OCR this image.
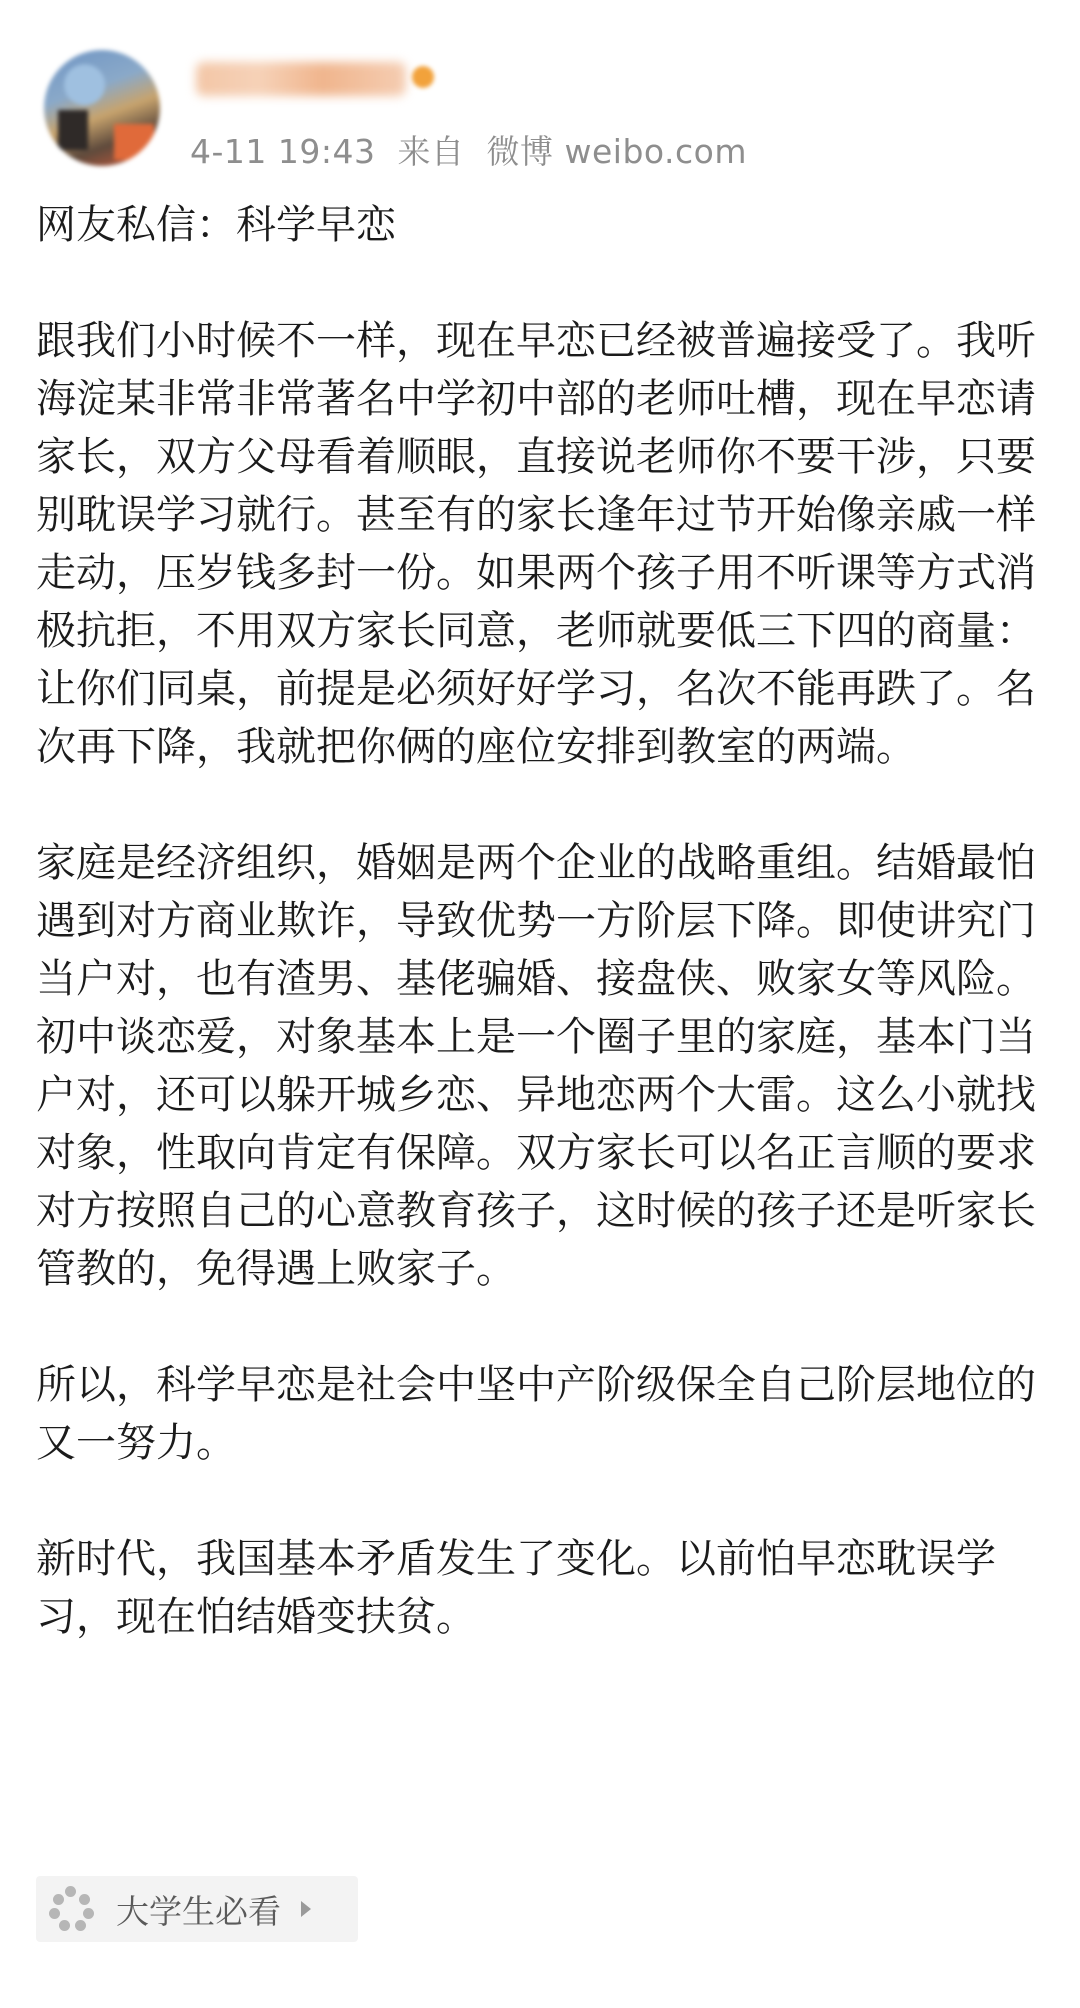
4-11 19:43 来自 微博 weibo.com

网友私信：科学早恋

跟我们小时候不一样，现在早恋已经被普遍接受了。我听海淀某非常非常著名中学初中部的老师吐槽，现在早恋请家长，双方父母看着顺眼，直接说老师你不要干涉，只要别耽误学习就行。甚至有的家长逢年过节开始像亲戚一样走动，压岁钱多封一份。如果两个孩子用不听课等方式消极抗拒，不用双方家长同意，老师就要低三下四的商量：让你们同桌，前提是必须好好学习，名次不能再跌了。名次再下降，我就把你俩的座位安排到教室的两端。

家庭是经济组织，婚姻是两个企业的战略重组。结婚最怕遇到对方商业欺诈，导致优势一方阶层下降。即使讲究门当户对，也有渣男、基佬骗婚、接盘侠、败家女等风险。初中谈恋爱，对象基本上是一个圈子里的家庭，基本门当户对，还可以躲开城乡恋、异地恋两个大雷。这么小就找对象，性取向肯定有保障。双方家长可以名正言顺的要求对方按照自己的心意教育孩子，这时候的孩子还是听家长管教的，免得遇上败家子。

所以，科学早恋是社会中坚中产阶级保全自己阶层地位的又一努力。

新时代，我国基本矛盾发生了变化。以前怕早恋耽误学习，现在怕结婚变扶贫。

大学生必看
